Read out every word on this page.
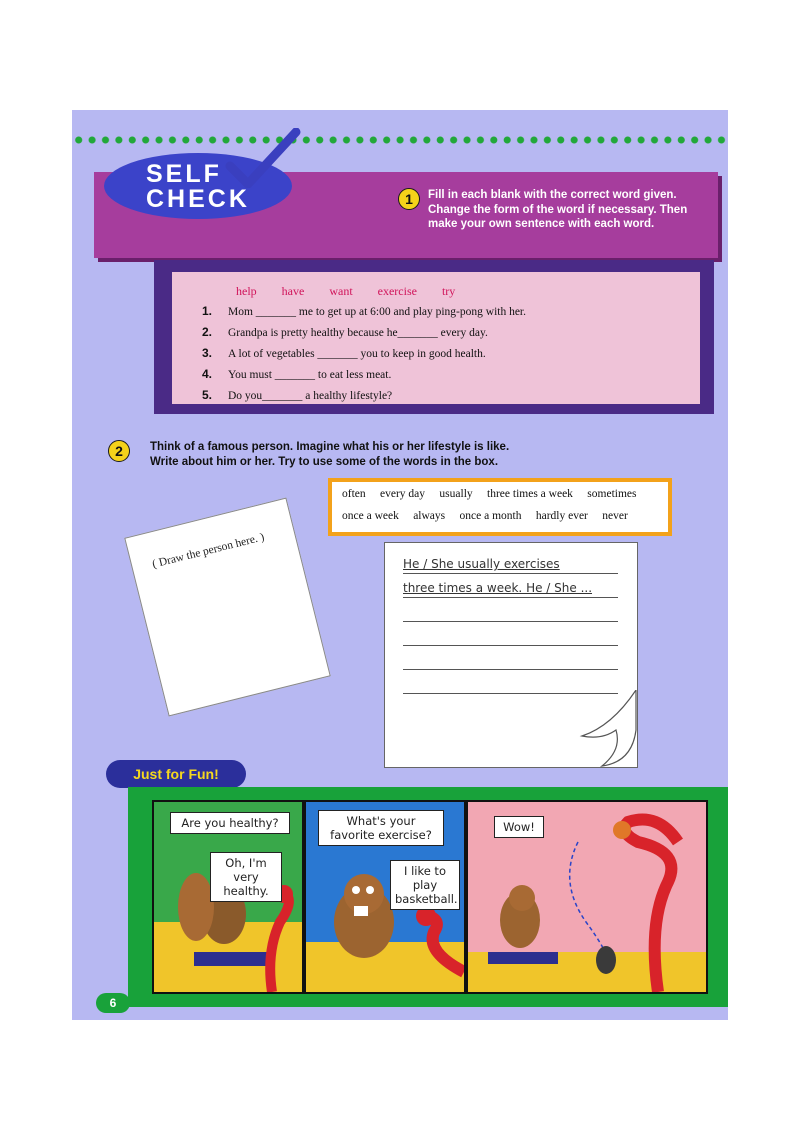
SELF
CHECK	1	Fill in each blank with the correct word given. Change the form of the word if necessary. Then make your own sentence with each word.
help have want exercise try
1. Mom _______ me to get up at 6:00 and play ping-pong with her.
2. Grandpa is pretty healthy because he_______ every day.
3. A lot of vegetables _______ you to keep in good health.
4. You must _______ to eat less meat.
5. Do you_______ a healthy lifestyle?
2	Think of a famous person. Imagine what his or her lifestyle is like.
Write about him or her. Try to use some of the words in the box.
often every day usually three times a week sometimes
once a week always once a month hardly ever never
( Draw the person here. )	He / She usually exercises
three times a week. He / She ...
Just for Fun!
Are you healthy?
Oh, I'm very healthy.
What's your favorite exercise?
I like to play basketball.
Wow!
6
